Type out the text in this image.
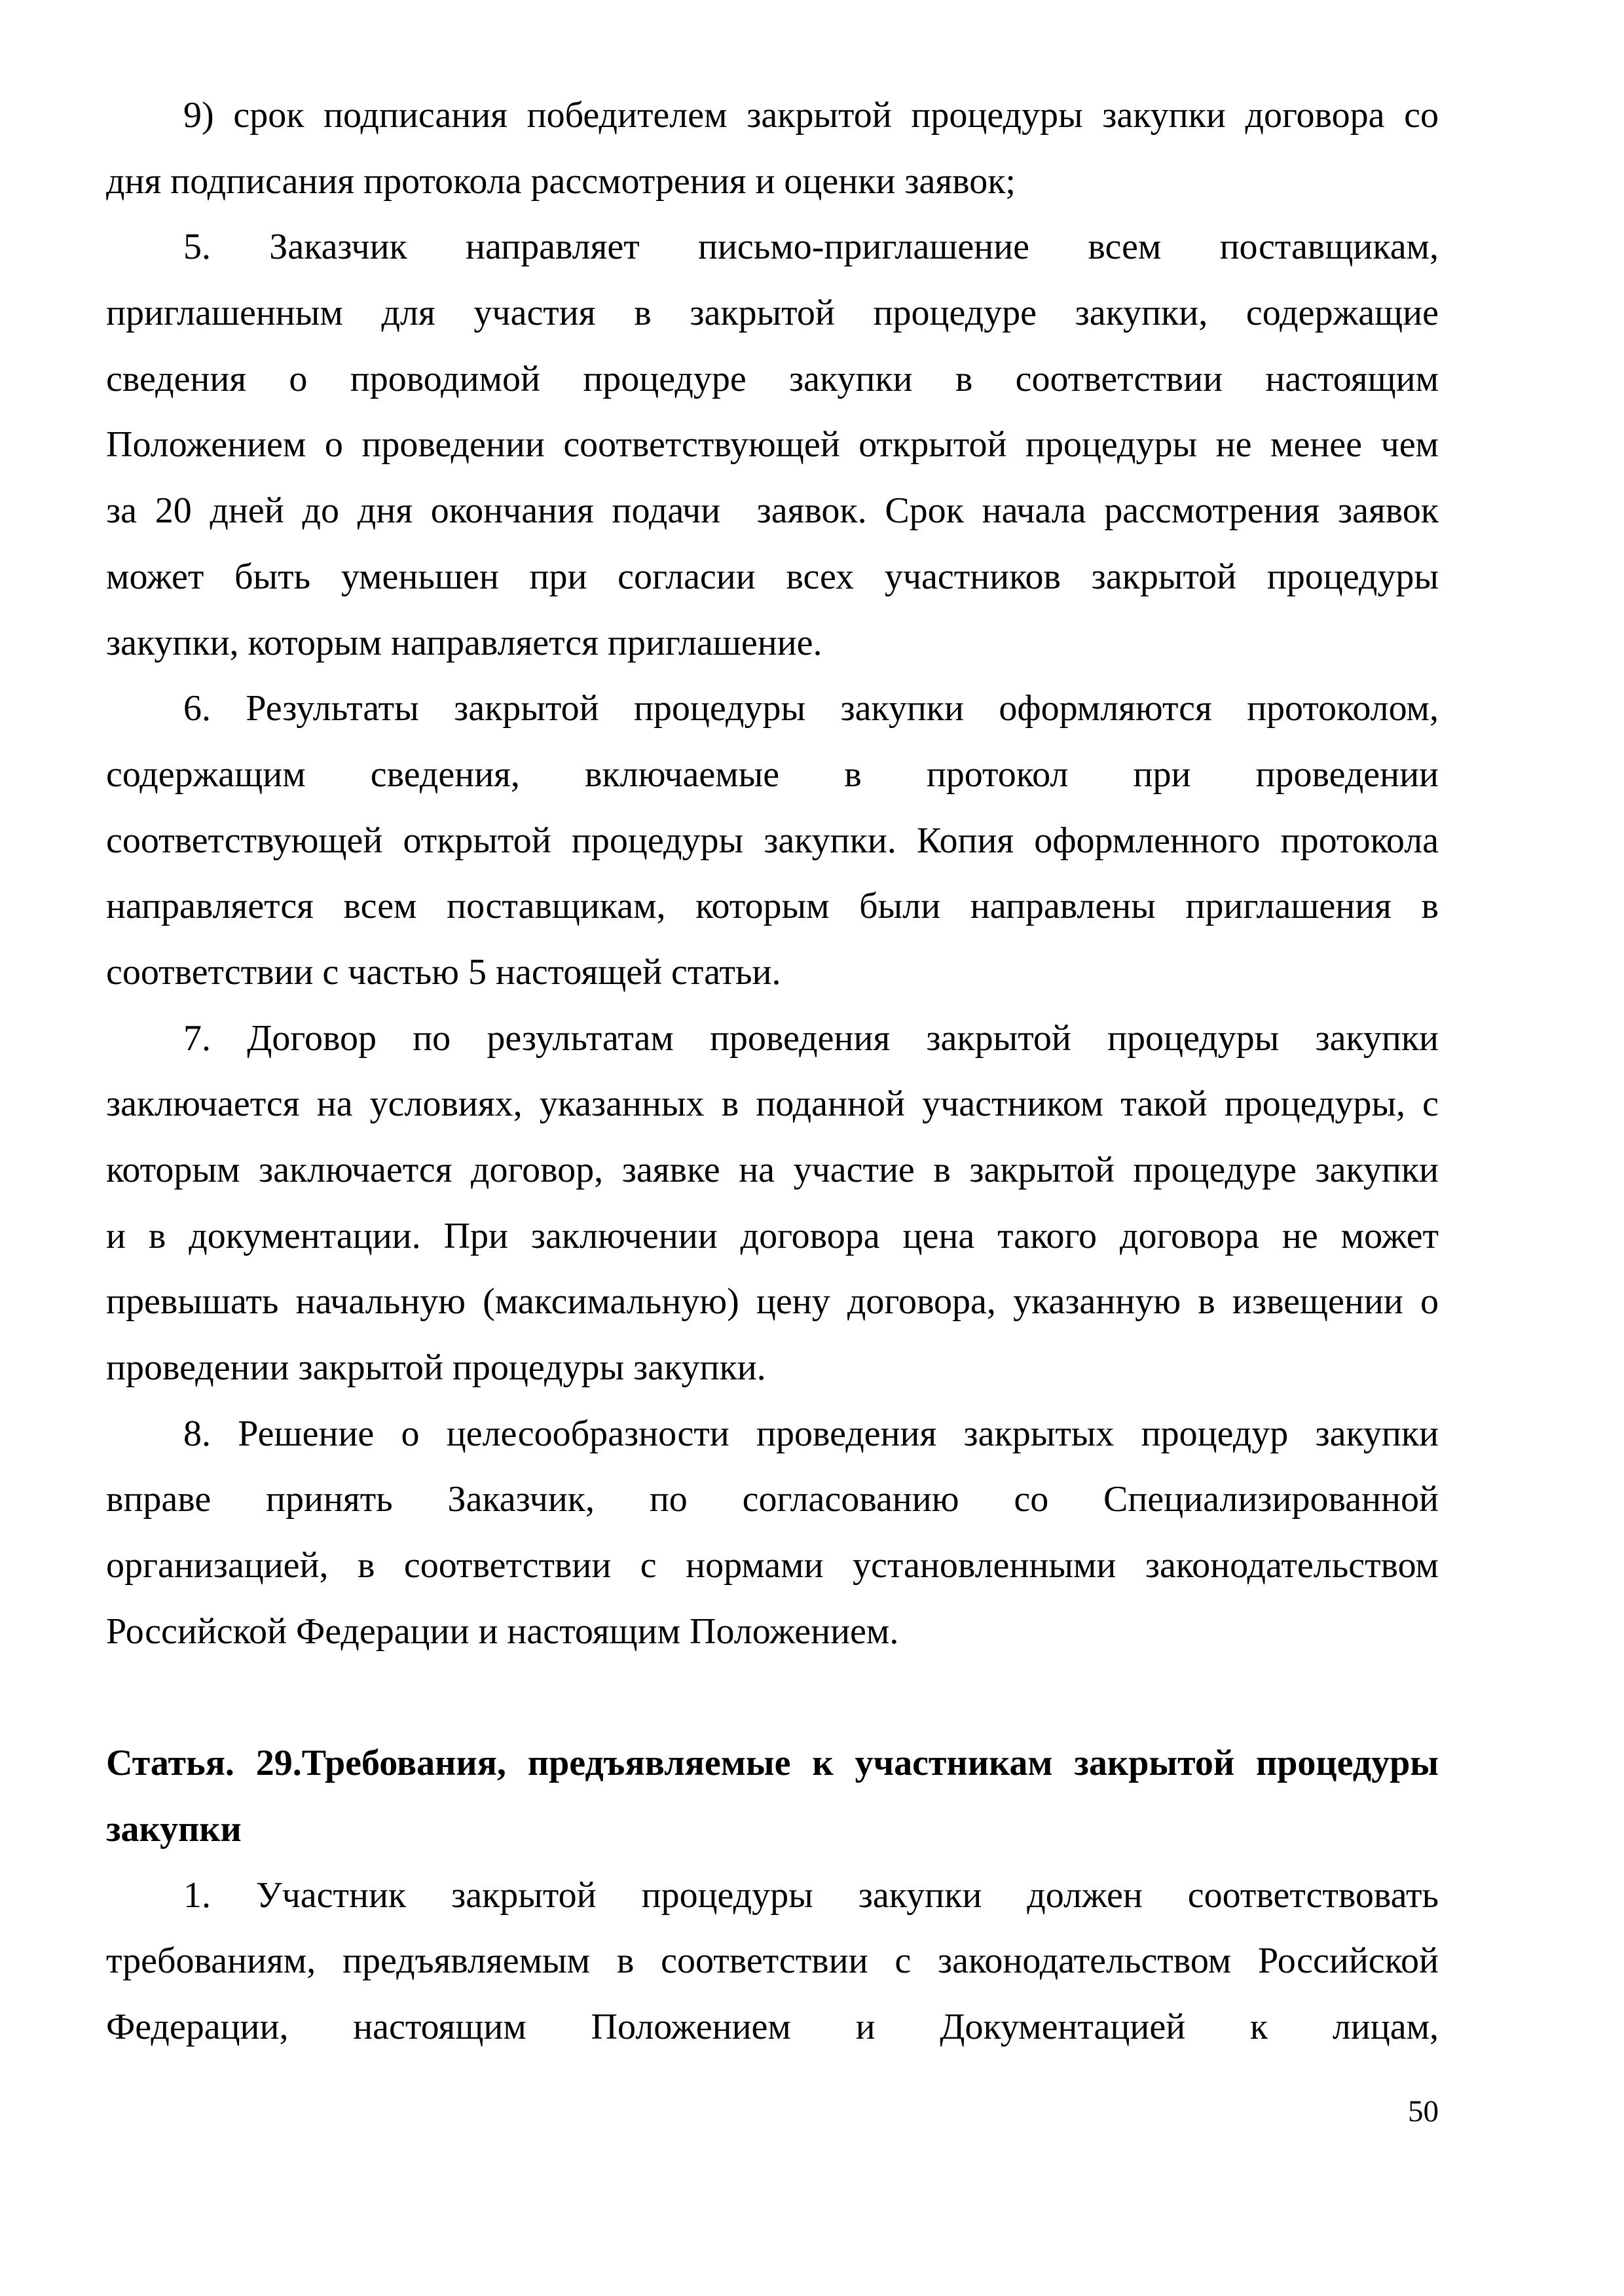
9) срок подписания победителем закрытой процедуры закупки договора со
дня подписания протокола рассмотрения и оценки заявок;
5. Заказчик направляет письмо-приглашение всем поставщикам,
приглашенным для участия в закрытой процедуре закупки, содержащие
сведения о проводимой процедуре закупки в соответствии настоящим
Положением о проведении соответствующей открытой процедуры не менее чем
за 20 дней до дня окончания подачи  заявок. Срок начала рассмотрения заявок
может быть уменьшен при согласии всех участников закрытой процедуры
закупки, которым направляется приглашение.
6. Результаты закрытой процедуры закупки оформляются протоколом,
содержащим сведения, включаемые в протокол при проведении
соответствующей открытой процедуры закупки. Копия оформленного протокола
направляется всем поставщикам, которым были направлены приглашения в
соответствии с частью 5 настоящей статьи.
7. Договор по результатам проведения закрытой процедуры закупки
заключается на условиях, указанных в поданной участником такой процедуры, с
которым заключается договор, заявке на участие в закрытой процедуре закупки
и в документации. При заключении договора цена такого договора не может
превышать начальную (максимальную) цену договора, указанную в извещении о
проведении закрытой процедуры закупки.
8. Решение о целесообразности проведения закрытых процедур закупки
вправе принять Заказчик, по согласованию со Специализированной
организацией, в соответствии с нормами установленными законодательством
Российской Федерации и настоящим Положением.
Статья. 29.Требования, предъявляемые к участникам закрытой процедуры
закупки
1. Участник закрытой процедуры закупки должен соответствовать
требованиям, предъявляемым в соответствии с законодательством Российской
Федерации, настоящим Положением и Документацией к лицам,
50
